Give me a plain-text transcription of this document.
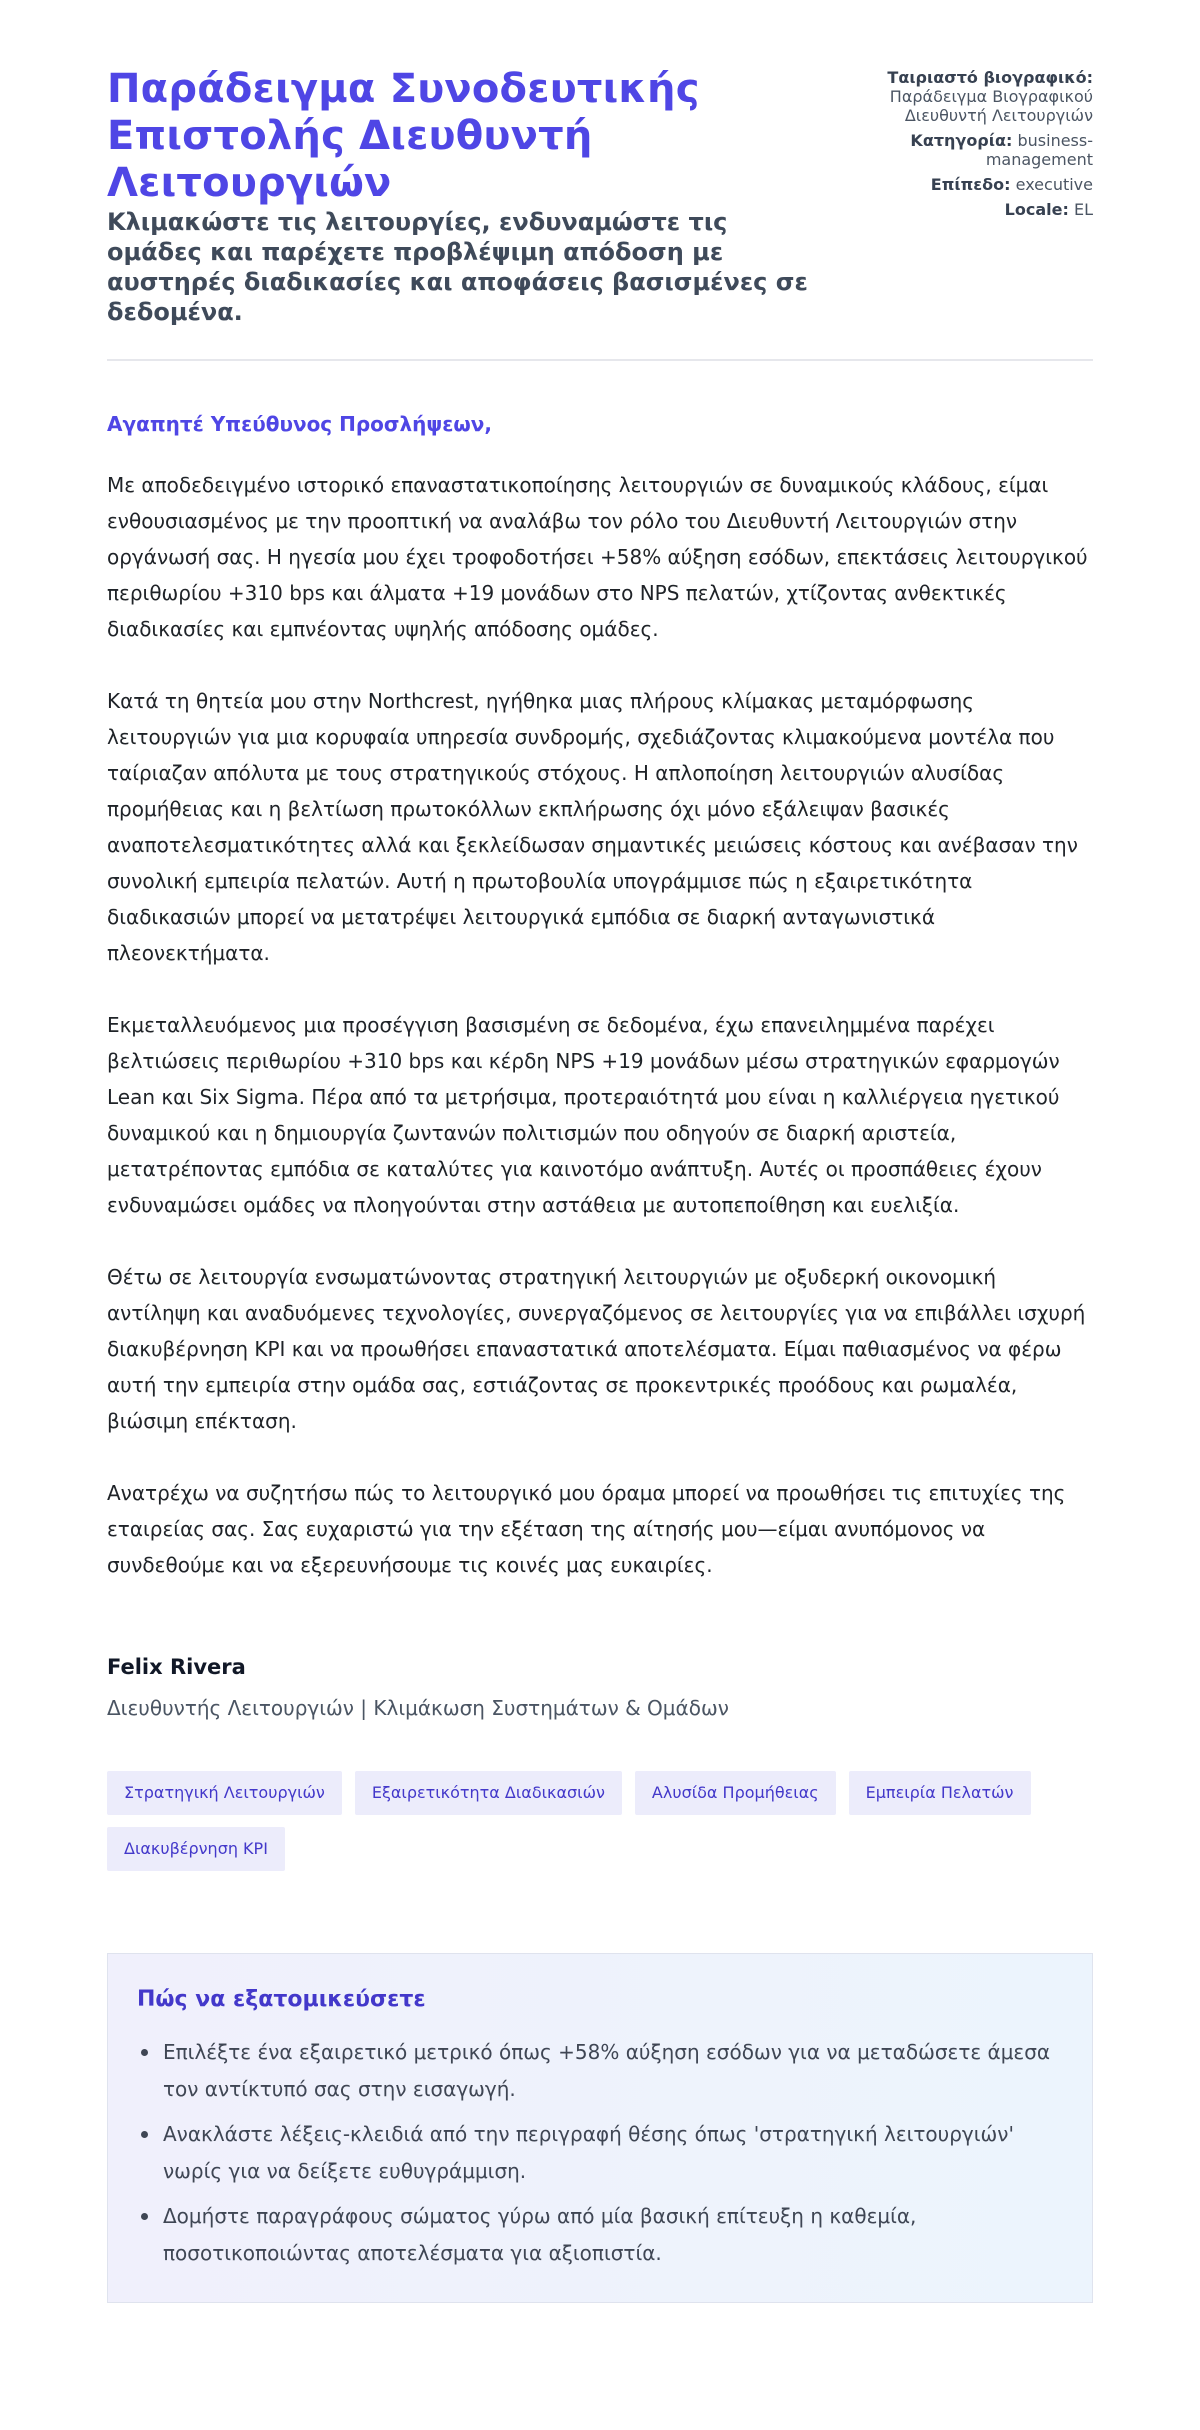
Παράδειγμα Συνοδευτικής Επιστολής Διευθυντή Λειτουργιών

Κλιμακώστε τις λειτουργίες, ενδυναμώστε τις ομάδες και παρέχετε προβλέψιμη απόδοση με αυστηρές διαδικασίες και αποφάσεις βασισμένες σε δεδομένα.

Ταιριαστό βιογραφικό: Παράδειγμα Βιογραφικού Διευθυντή Λειτουργιών
Κατηγορία: business-management
Επίπεδο: executive
Locale: EL

Αγαπητέ Υπεύθυνος Προσλήψεων,

Με αποδεδειγμένο ιστορικό επαναστατικοποίησης λειτουργιών σε δυναμικούς κλάδους, είμαι ενθουσιασμένος με την προοπτική να αναλάβω τον ρόλο του Διευθυντή Λειτουργιών στην οργάνωσή σας. Η ηγεσία μου έχει τροφοδοτήσει +58% αύξηση εσόδων, επεκτάσεις λειτουργικού περιθωρίου +310 bps και άλματα +19 μονάδων στο NPS πελατών, χτίζοντας ανθεκτικές διαδικασίες και εμπνέοντας υψηλής απόδοσης ομάδες.

Κατά τη θητεία μου στην Northcrest, ηγήθηκα μιας πλήρους κλίμακας μεταμόρφωσης λειτουργιών για μια κορυφαία υπηρεσία συνδρομής, σχεδιάζοντας κλιμακούμενα μοντέλα που ταίριαζαν απόλυτα με τους στρατηγικούς στόχους. Η απλοποίηση λειτουργιών αλυσίδας προμήθειας και η βελτίωση πρωτοκόλλων εκπλήρωσης όχι μόνο εξάλειψαν βασικές αναποτελεσματικότητες αλλά και ξεκλείδωσαν σημαντικές μειώσεις κόστους και ανέβασαν την συνολική εμπειρία πελατών. Αυτή η πρωτοβουλία υπογράμμισε πώς η εξαιρετικότητα διαδικασιών μπορεί να μετατρέψει λειτουργικά εμπόδια σε διαρκή ανταγωνιστικά πλεονεκτήματα.

Εκμεταλλευόμενος μια προσέγγιση βασισμένη σε δεδομένα, έχω επανειλημμένα παρέχει βελτιώσεις περιθωρίου +310 bps και κέρδη NPS +19 μονάδων μέσω στρατηγικών εφαρμογών Lean και Six Sigma. Πέρα από τα μετρήσιμα, προτεραιότητά μου είναι η καλλιέργεια ηγετικού δυναμικού και η δημιουργία ζωντανών πολιτισμών που οδηγούν σε διαρκή αριστεία, μετατρέποντας εμπόδια σε καταλύτες για καινοτόμο ανάπτυξη. Αυτές οι προσπάθειες έχουν ενδυναμώσει ομάδες να πλοηγούνται στην αστάθεια με αυτοπεποίθηση και ευελιξία.

Θέτω σε λειτουργία ενσωματώνοντας στρατηγική λειτουργιών με οξυδερκή οικονομική αντίληψη και αναδυόμενες τεχνολογίες, συνεργαζόμενος σε λειτουργίες για να επιβάλλει ισχυρή διακυβέρνηση KPI και να προωθήσει επαναστατικά αποτελέσματα. Είμαι παθιασμένος να φέρω αυτή την εμπειρία στην ομάδα σας, εστιάζοντας σε προκεντρικές προόδους και ρωμαλέα, βιώσιμη επέκταση.

Ανατρέχω να συζητήσω πώς το λειτουργικό μου όραμα μπορεί να προωθήσει τις επιτυχίες της εταιρείας σας. Σας ευχαριστώ για την εξέταση της αίτησής μου—είμαι ανυπόμονος να συνδεθούμε και να εξερευνήσουμε τις κοινές μας ευκαιρίες.

Felix Rivera

Διευθυντής Λειτουργιών | Κλιμάκωση Συστημάτων & Ομάδων

Στρατηγική Λειτουργιών	Εξαιρετικότητα Διαδικασιών	Αλυσίδα Προμήθειας	Εμπειρία Πελατών
Διακυβέρνηση KPI
Πώς να εξατομικεύσετε
Επιλέξτε ένα εξαιρετικό μετρικό όπως +58% αύξηση εσόδων για να μεταδώσετε άμεσα τον αντίκτυπό σας στην εισαγωγή.
Ανακλάστε λέξεις-κλειδιά από την περιγραφή θέσης όπως 'στρατηγική λειτουργιών' νωρίς για να δείξετε ευθυγράμμιση.
Δομήστε παραγράφους σώματος γύρω από μία βασική επίτευξη η καθεμία, ποσοτικοποιώντας αποτελέσματα για αξιοπιστία.
